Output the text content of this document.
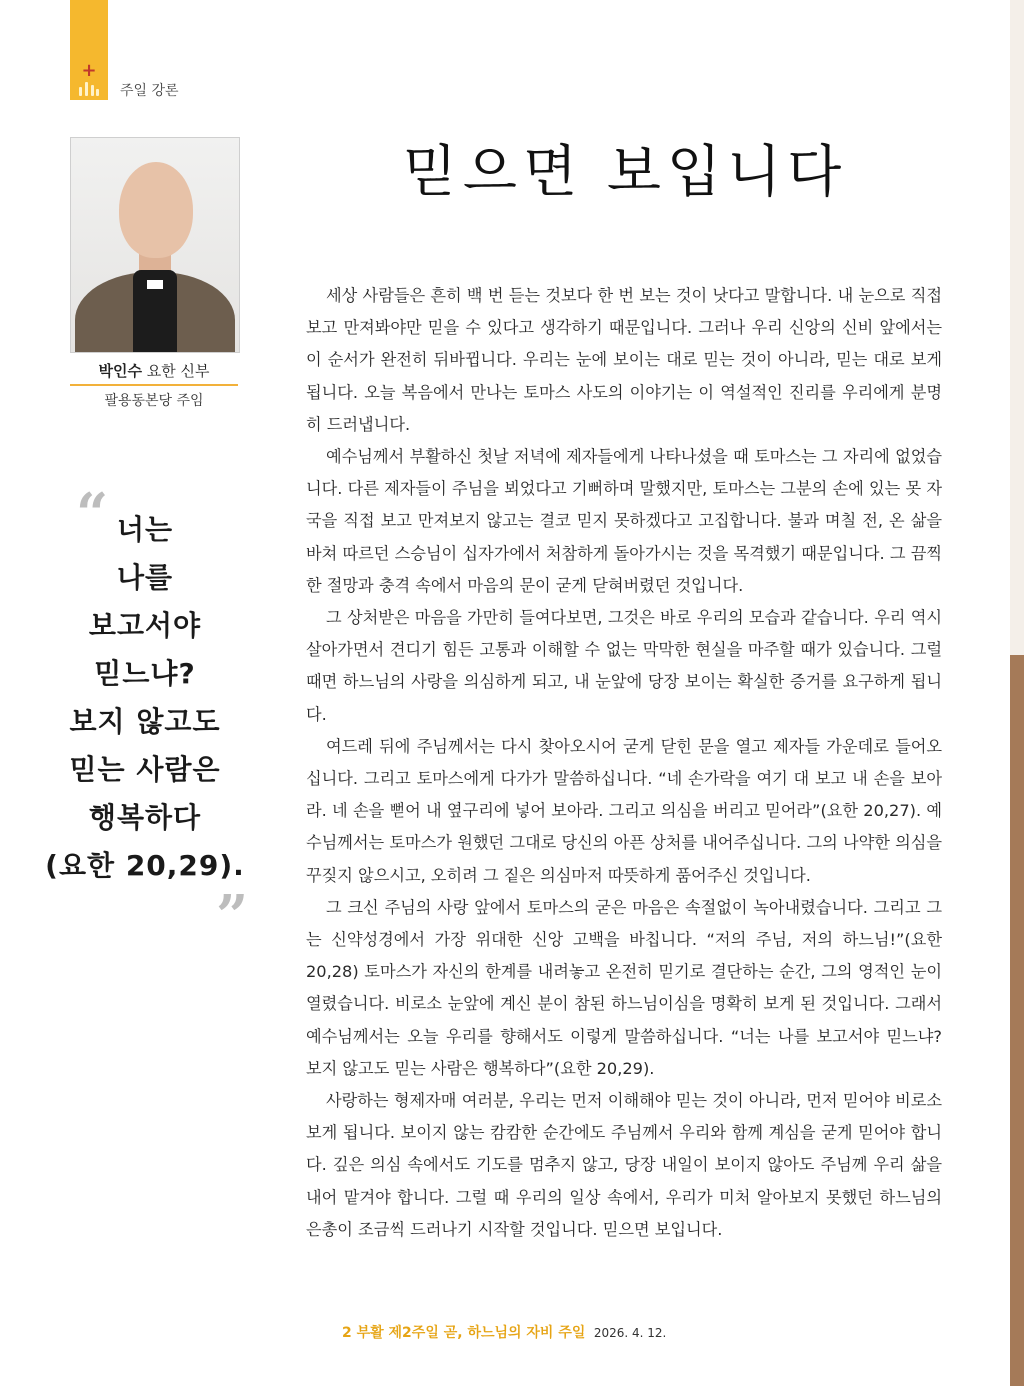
+
주일 강론
박인수 요한 신부
팔용동본당 주임
“ 너는
나를
보고서야
믿느냐?
보지 않고도
믿는 사람은
행복하다
(요한 20,29).
”
믿으면 보입니다

세상 사람들은 흔히 백 번 듣는 것보다 한 번 보는 것이 낫다고 말합니다. 내 눈으로 직접 보고 만져봐야만 믿을 수 있다고 생각하기 때문입니다. 그러나 우리 신앙의 신비 앞에서는 이 순서가 완전히 뒤바뀝니다. 우리는 눈에 보이는 대로 믿는 것이 아니라, 믿는 대로 보게 됩니다. 오늘 복음에서 만나는 토마스 사도의 이야기는 이 역설적인 진리를 우리에게 분명히 드러냅니다.

예수님께서 부활하신 첫날 저녁에 제자들에게 나타나셨을 때 토마스는 그 자리에 없었습니다. 다른 제자들이 주님을 뵈었다고 기뻐하며 말했지만, 토마스는 그분의 손에 있는 못 자국을 직접 보고 만져보지 않고는 결코 믿지 못하겠다고 고집합니다. 불과 며칠 전, 온 삶을 바쳐 따르던 스승님이 십자가에서 처참하게 돌아가시는 것을 목격했기 때문입니다. 그 끔찍한 절망과 충격 속에서 마음의 문이 굳게 닫혀버렸던 것입니다.

그 상처받은 마음을 가만히 들여다보면, 그것은 바로 우리의 모습과 같습니다. 우리 역시 살아가면서 견디기 힘든 고통과 이해할 수 없는 막막한 현실을 마주할 때가 있습니다. 그럴 때면 하느님의 사랑을 의심하게 되고, 내 눈앞에 당장 보이는 확실한 증거를 요구하게 됩니다.

여드레 뒤에 주님께서는 다시 찾아오시어 굳게 닫힌 문을 열고 제자들 가운데로 들어오십니다. 그리고 토마스에게 다가가 말씀하십니다. “네 손가락을 여기 대 보고 내 손을 보아라. 네 손을 뻗어 내 옆구리에 넣어 보아라. 그리고 의심을 버리고 믿어라”(요한 20,27). 예수님께서는 토마스가 원했던 그대로 당신의 아픈 상처를 내어주십니다. 그의 나약한 의심을 꾸짖지 않으시고, 오히려 그 짙은 의심마저 따뜻하게 품어주신 것입니다.

그 크신 주님의 사랑 앞에서 토마스의 굳은 마음은 속절없이 녹아내렸습니다. 그리고 그는 신약성경에서 가장 위대한 신앙 고백을 바칩니다. “저의 주님, 저의 하느님!”(요한 20,28) 토마스가 자신의 한계를 내려놓고 온전히 믿기로 결단하는 순간, 그의 영적인 눈이 열렸습니다. 비로소 눈앞에 계신 분이 참된 하느님이심을 명확히 보게 된 것입니다. 그래서 예수님께서는 오늘 우리를 향해서도 이렇게 말씀하십니다. “너는 나를 보고서야 믿느냐? 보지 않고도 믿는 사람은 행복하다”(요한 20,29).

사랑하는 형제자매 여러분, 우리는 먼저 이해해야 믿는 것이 아니라, 먼저 믿어야 비로소 보게 됩니다. 보이지 않는 캄캄한 순간에도 주님께서 우리와 함께 계심을 굳게 믿어야 합니다. 깊은 의심 속에서도 기도를 멈추지 않고, 당장 내일이 보이지 않아도 주님께 우리 삶을 내어 맡겨야 합니다. 그럴 때 우리의 일상 속에서, 우리가 미처 알아보지 못했던 하느님의 은총이 조금씩 드러나기 시작할 것입니다. 믿으면 보입니다.

2 부활 제2주일 곧, 하느님의 자비 주일 2026. 4. 12.
